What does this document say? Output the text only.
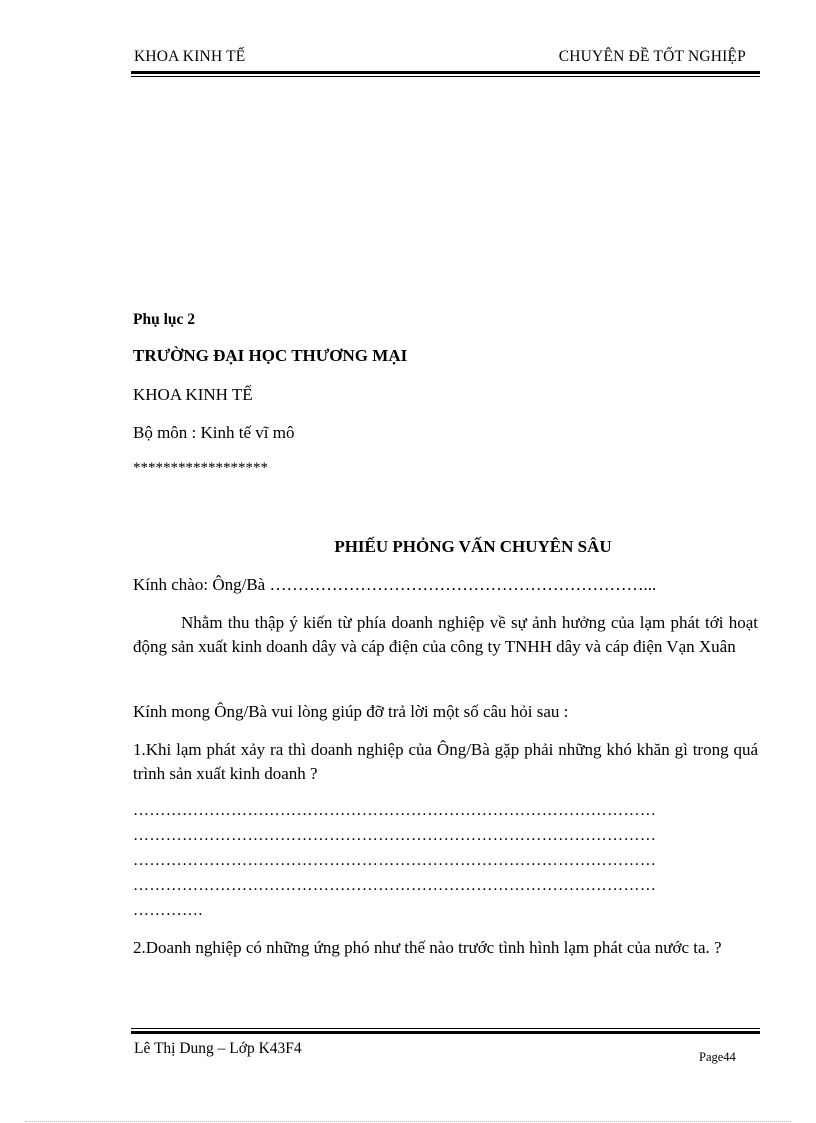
KHOA KINH TẾ	CHUYÊN ĐỀ TỐT NGHIỆP
Phụ lục 2
TRƯỜNG ĐẠI HỌC THƯƠNG MẠI
KHOA KINH TẾ
Bộ môn : Kinh tế vĩ mô
******************
PHIẾU PHỎNG VẤN CHUYÊN SÂU
Kính chào: Ông/Bà …………………………………………………………...
Nhằm thu thập ý kiến từ phía doanh nghiệp về sự ảnh hưởng của lạm phát tới hoạt động sản xuất kinh doanh dây và cáp điện của công ty TNHH dây và cáp điện Vạn Xuân
Kính mong Ông/Bà vui lòng giúp đỡ trả lời một số câu hỏi sau :
1.Khi lạm phát xảy ra thì doanh nghiệp của Ông/Bà gặp phải những khó khăn gì trong quá trình sản xuất kinh doanh ?
……………………………………………………………………………………
……………………………………………………………………………………
……………………………………………………………………………………
……………………………………………………………………………………
………….
2.Doanh nghiệp có những ứng phó như thế nào trước tình hình lạm phát của nước ta. ?
Lê Thị Dung – Lớp K43F4	Page44
